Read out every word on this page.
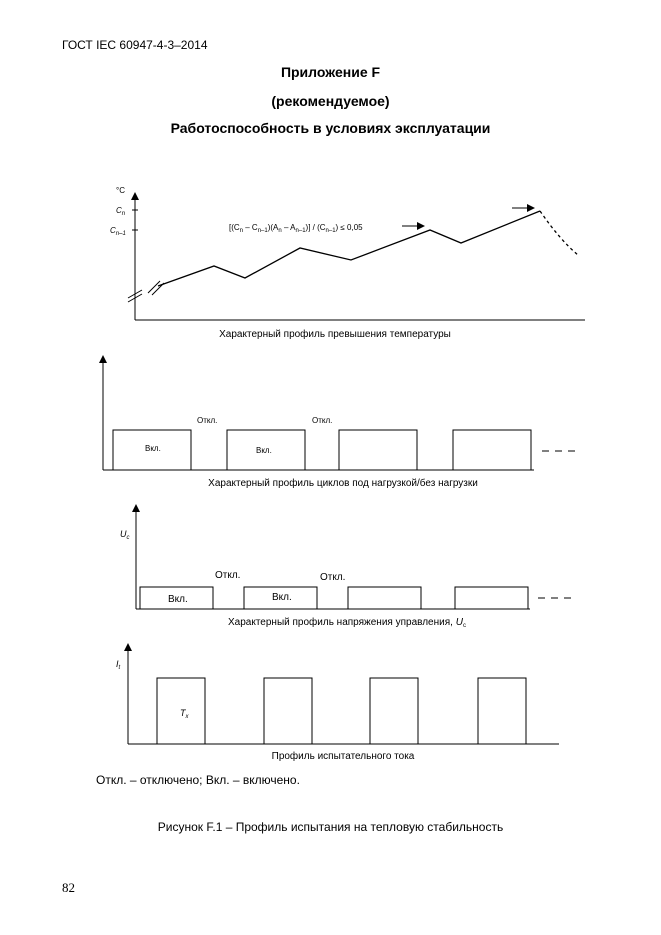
ГОСТ IEC 60947-4-3–2014
Приложение F
(рекомендуемое)
Работоспособность в условиях эксплуатации
°C
$C_n$
$C_{n-1}$
$[(C_n - C_{n-1})(A_n - A_{n-1})] / (C_{n-1}) \le 0,05$
Характерный профиль превышения температуры
Вкл.	Вкл.
Откл.	Откл.
Характерный профиль циклов под нагрузкой/без нагрузки
$U_c$
Вкл.	Вкл.
Откл.	Откл.
Характерный профиль напряжения управления, $U_c$
$I_t$
$T_x$
Профиль испытательного тока
Откл. – отключено; Вкл. – включено.
Рисунок F.1 – Профиль испытания на тепловую стабильность
82
